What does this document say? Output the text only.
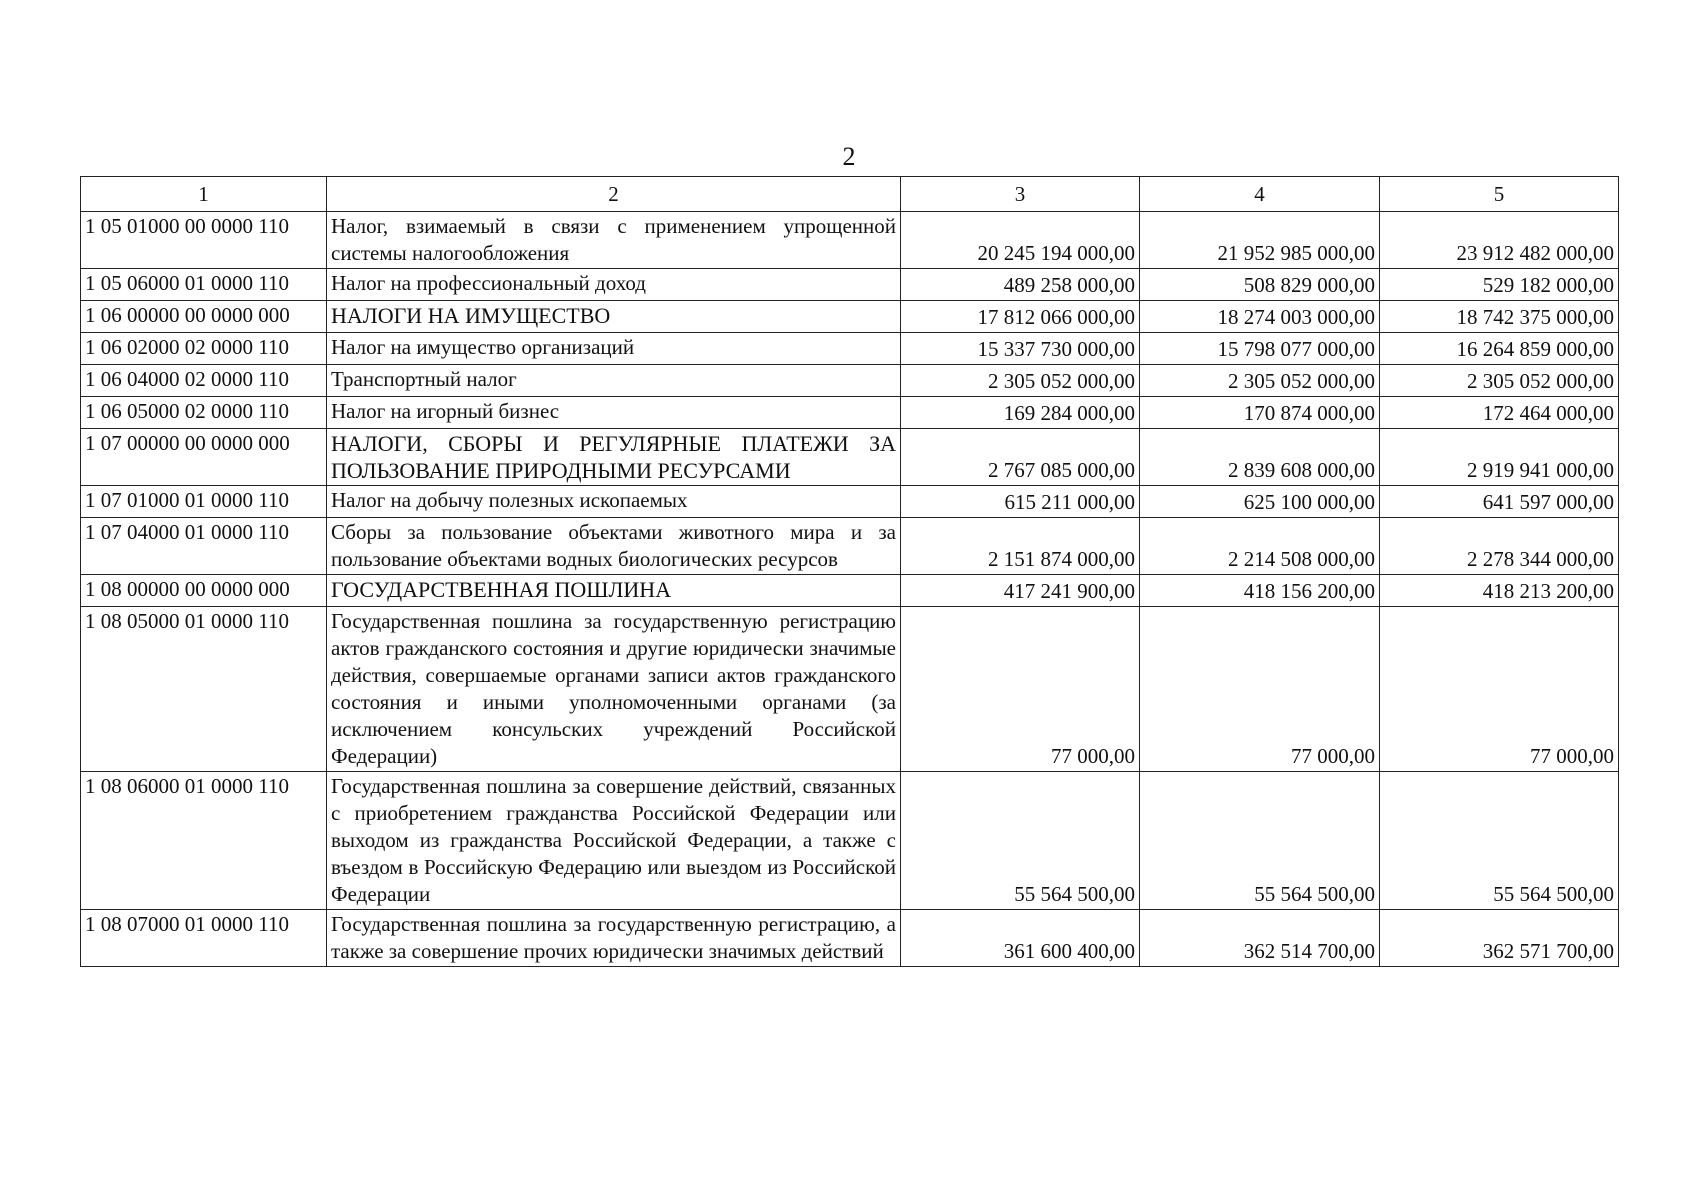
2
1	2	3	4	5
1 05 01000 00 0000 110	Налог, взимаемый в связи с применением упрощенной системы налогообложения	20 245 194 000,00	21 952 985 000,00	23 912 482 000,00
1 05 06000 01 0000 110	Налог на профессиональный доход	489 258 000,00	508 829 000,00	529 182 000,00
1 06 00000 00 0000 000	НАЛОГИ НА ИМУЩЕСТВО	17 812 066 000,00	18 274 003 000,00	18 742 375 000,00
1 06 02000 02 0000 110	Налог на имущество организаций	15 337 730 000,00	15 798 077 000,00	16 264 859 000,00
1 06 04000 02 0000 110	Транспортный налог	2 305 052 000,00	2 305 052 000,00	2 305 052 000,00
1 06 05000 02 0000 110	Налог на игорный бизнес	169 284 000,00	170 874 000,00	172 464 000,00
1 07 00000 00 0000 000	НАЛОГИ, СБОРЫ И РЕГУЛЯРНЫЕ ПЛАТЕЖИ ЗА ПОЛЬЗОВАНИЕ ПРИРОДНЫМИ РЕСУРСАМИ	2 767 085 000,00	2 839 608 000,00	2 919 941 000,00
1 07 01000 01 0000 110	Налог на добычу полезных ископаемых	615 211 000,00	625 100 000,00	641 597 000,00
1 07 04000 01 0000 110	Сборы за пользование объектами животного мира и за пользование объектами водных биологических ресурсов	2 151 874 000,00	2 214 508 000,00	2 278 344 000,00
1 08 00000 00 0000 000	ГОСУДАРСТВЕННАЯ ПОШЛИНА	417 241 900,00	418 156 200,00	418 213 200,00
1 08 05000 01 0000 110	Государственная пошлина за государственную регистрацию актов гражданского состояния и другие юридически значимые действия, совершаемые органами записи актов гражданского состояния и иными уполномоченными органами (за исключением консульских учреждений Российской Федерации)	77 000,00	77 000,00	77 000,00
1 08 06000 01 0000 110	Государственная пошлина за совершение действий, связанных с приобретением гражданства Российской Федерации или выходом из гражданства Российской Федерации, а также с въездом в Российскую Федерацию или выездом из Российской Федерации	55 564 500,00	55 564 500,00	55 564 500,00
1 08 07000 01 0000 110	Государственная пошлина за государственную регистрацию, а также за совершение прочих юридически значимых действий	361 600 400,00	362 514 700,00	362 571 700,00
